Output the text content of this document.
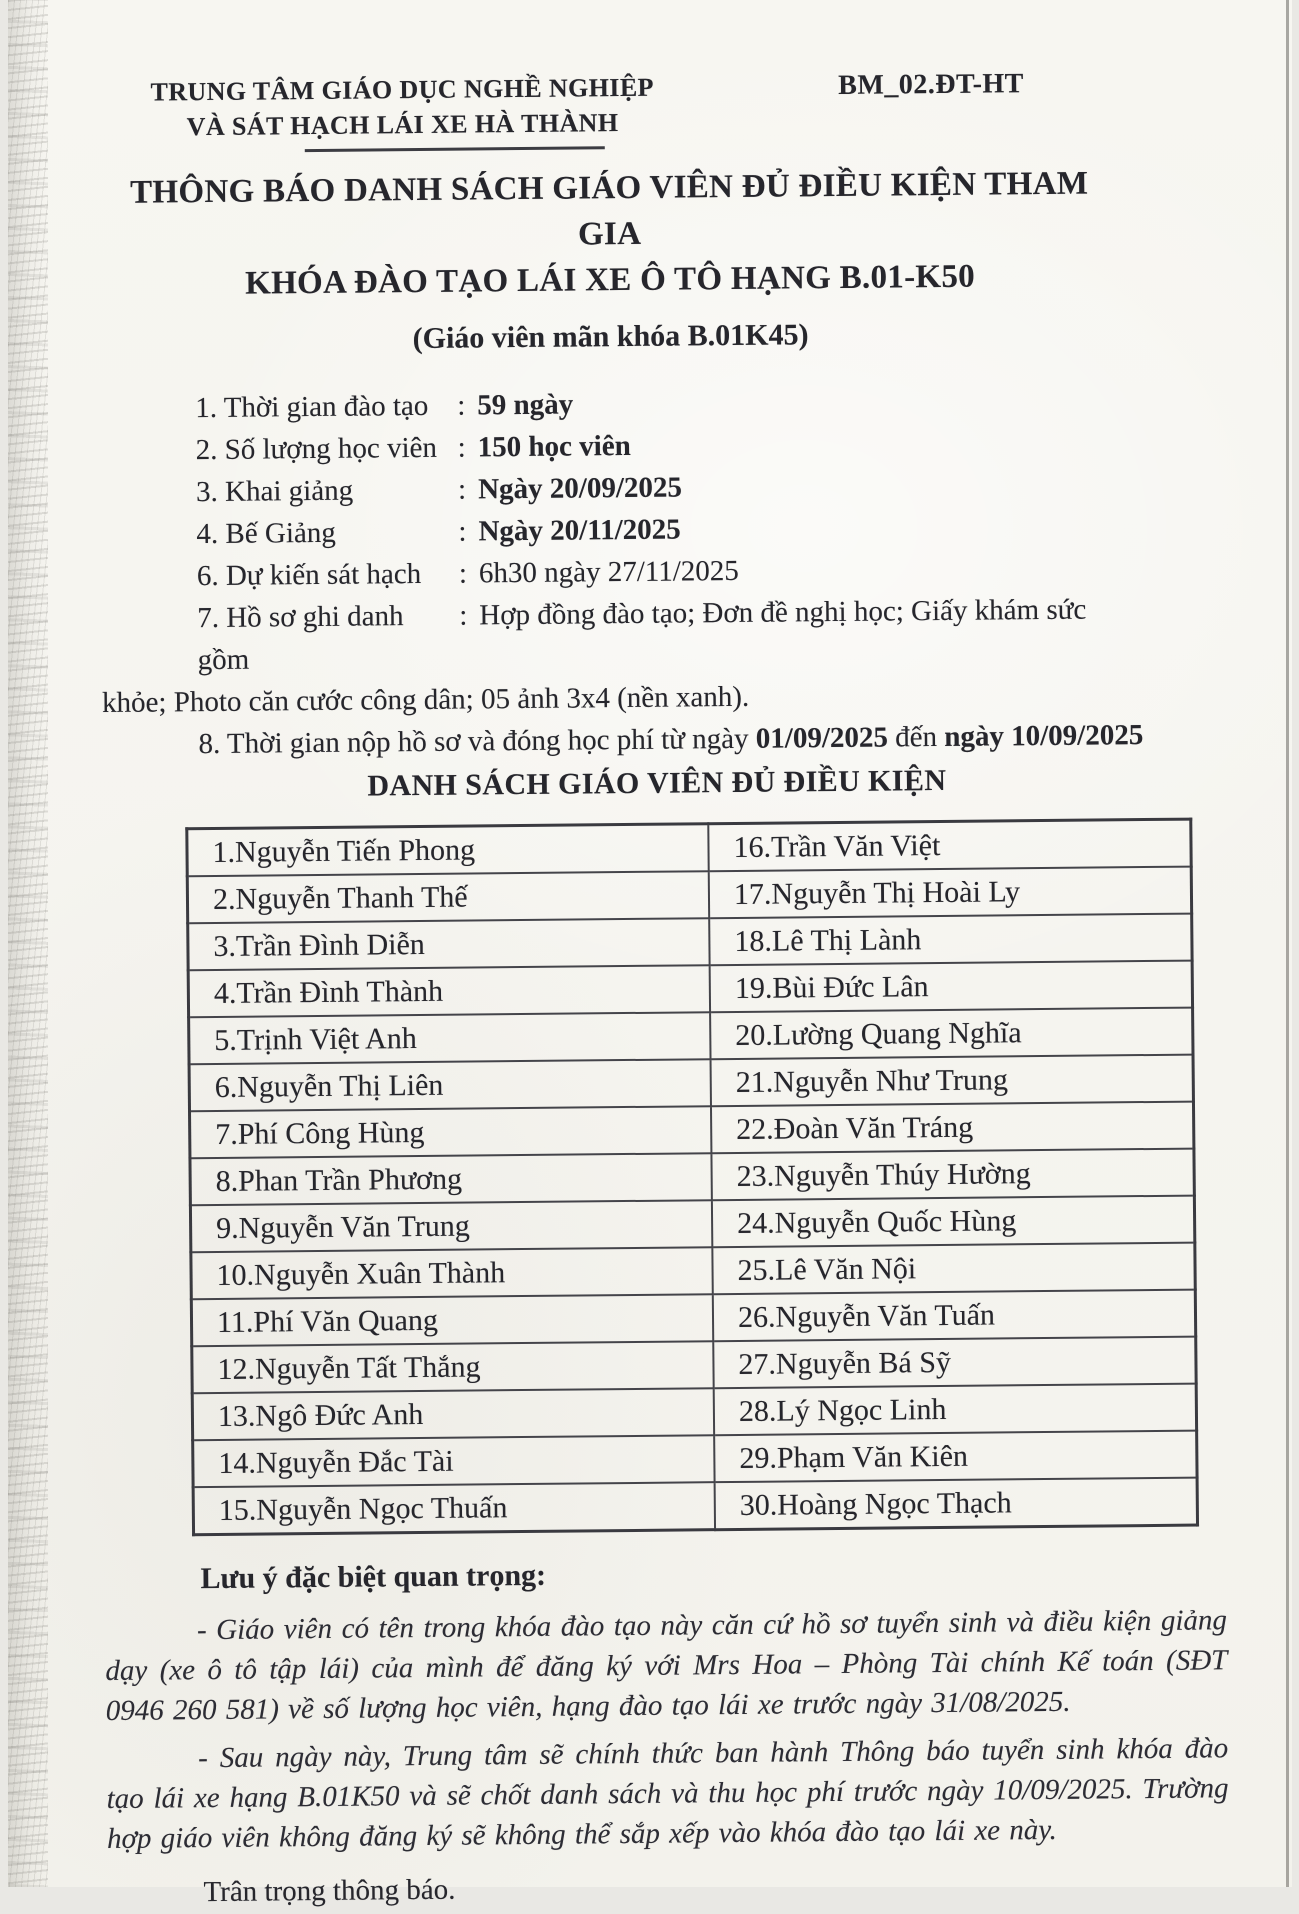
TRUNG TÂM GIÁO DỤC NGHỀ NGHIỆP
VÀ SÁT HẠCH LÁI XE HÀ THÀNH
BM_02.ĐT-HT
THÔNG BÁO DANH SÁCH GIÁO VIÊN ĐỦ ĐIỀU KIỆN THAM GIA
KHÓA ĐÀO TẠO LÁI XE Ô TÔ HẠNG B.01-K50
(Giáo viên mãn khóa B.01K45)
1. Thời gian đào tạo : 59 ngày
2. Số lượng học viên : 150 học viên
3. Khai giảng	: Ngày 20/09/2025
4. Bế Giảng	: Ngày 20/11/2025
6. Dự kiến sát hạch	: 6h30 ngày 27/11/2025
7. Hồ sơ ghi danh gồm
: Hợp đồng đào tạo; Đơn đề nghị học; Giấy khám sức
khỏe; Photo căn cước công dân; 05 ảnh 3x4 (nền xanh).
8. Thời gian nộp hồ sơ và đóng học phí từ ngày 01/09/2025 đến ngày 10/09/2025
DANH SÁCH GIÁO VIÊN ĐỦ ĐIỀU KIỆN
1.Nguyễn Tiến Phong	16.Trần Văn Việt
2.Nguyễn Thanh Thế	17.Nguyễn Thị Hoài Ly
3.Trần Đình Diễn	18.Lê Thị Lành
4.Trần Đình Thành	19.Bùi Đức Lân
5.Trịnh Việt Anh	20.Lường Quang Nghĩa
6.Nguyễn Thị Liên	21.Nguyễn Như Trung
7.Phí Công Hùng	22.Đoàn Văn Tráng
8.Phan Trần Phương	23.Nguyễn Thúy Hường
9.Nguyễn Văn Trung	24.Nguyễn Quốc Hùng
10.Nguyễn Xuân Thành	25.Lê Văn Nội
11.Phí Văn Quang	26.Nguyễn Văn Tuấn
12.Nguyễn Tất Thắng	27.Nguyễn Bá Sỹ
13.Ngô Đức Anh	28.Lý Ngọc Linh
14.Nguyễn Đắc Tài	29.Phạm Văn Kiên
15.Nguyễn Ngọc Thuấn	30.Hoàng Ngọc Thạch
Lưu ý đặc biệt quan trọng:
- Giáo viên có tên trong khóa đào tạo này căn cứ hồ sơ tuyển sinh và điều kiện giảng dạy (xe ô tô tập lái) của mình để đăng ký với Mrs Hoa – Phòng Tài chính Kế toán (SĐT 0946 260 581) về số lượng học viên, hạng đào tạo lái xe trước ngày 31/08/2025.
- Sau ngày này, Trung tâm sẽ chính thức ban hành Thông báo tuyển sinh khóa đào tạo lái xe hạng B.01K50 và sẽ chốt danh sách và thu học phí trước ngày 10/09/2025. Trường hợp giáo viên không đăng ký sẽ không thể sắp xếp vào khóa đào tạo lái xe này.
Trân trọng thông báo.
